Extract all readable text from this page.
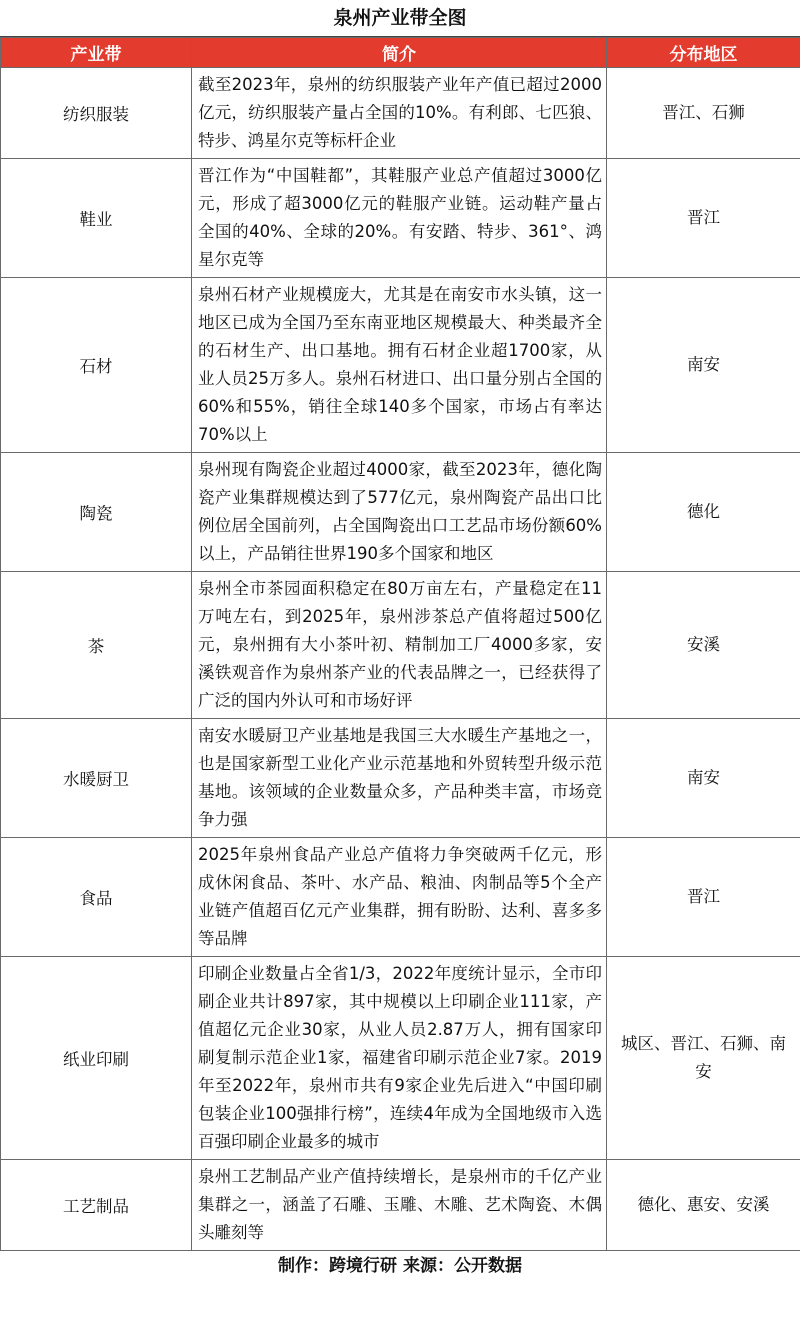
泉州产业带全图
产业带	简介	分布地区
纺织服装	截至2023年，泉州的纺织服装产业年产值已超过2000亿元，纺织服装产量占全国的10%。有利郎、七匹狼、特步、鸿星尔克等标杆企业	晋江、石狮
鞋业	晋江作为“中国鞋都”，其鞋服产业总产值超过3000亿元，形成了超3000亿元的鞋服产业链。运动鞋产量占全国的40%、全球的20%。有安踏、特步、361°、鸿星尔克等	晋江
石材	泉州石材产业规模庞大，尤其是在南安市水头镇，这一地区已成为全国乃至东南亚地区规模最大、种类最齐全的石材生产、出口基地。拥有石材企业超1700家，从业人员25万多人。泉州石材进口、出口量分别占全国的60%和55%，销往全球140多个国家，市场占有率达70%以上	南安
陶瓷	泉州现有陶瓷企业超过4000家，截至2023年，德化陶瓷产业集群规模达到了577亿元，泉州陶瓷产品出口比例位居全国前列，占全国陶瓷出口工艺品市场份额60%以上，产品销往世界190多个国家和地区	德化
茶	泉州全市茶园面积稳定在80万亩左右，产量稳定在11万吨左右，到2025年，泉州涉茶总产值将超过500亿元，泉州拥有大小茶叶初、精制加工厂4000多家，安溪铁观音作为泉州茶产业的代表品牌之一，已经获得了广泛的国内外认可和市场好评	安溪
水暖厨卫	南安水暖厨卫产业基地是我国三大水暖生产基地之一，也是国家新型工业化产业示范基地和外贸转型升级示范基地。该领域的企业数量众多，产品种类丰富，市场竞争力强	南安
食品	2025年泉州食品产业总产值将力争突破两千亿元，形成休闲食品、茶叶、水产品、粮油、肉制品等5个全产业链产值超百亿元产业集群，拥有盼盼、达利、喜多多等品牌	晋江
纸业印刷	印刷企业数量占全省1/3，2022年度统计显示，全市印刷企业共计897家，其中规模以上印刷企业111家，产值超亿元企业30家，从业人员2.87万人，拥有国家印刷复制示范企业1家，福建省印刷示范企业7家。2019年至2022年，泉州市共有9家企业先后进入“中国印刷包装企业100强排行榜”，连续4年成为全国地级市入选百强印刷企业最多的城市	城区、晋江、石狮、南安
工艺制品	泉州工艺制品产业产值持续增长，是泉州市的千亿产业集群之一，涵盖了石雕、玉雕、木雕、艺术陶瓷、木偶头雕刻等	德化、惠安、安溪
制作：跨境行研 来源：公开数据
